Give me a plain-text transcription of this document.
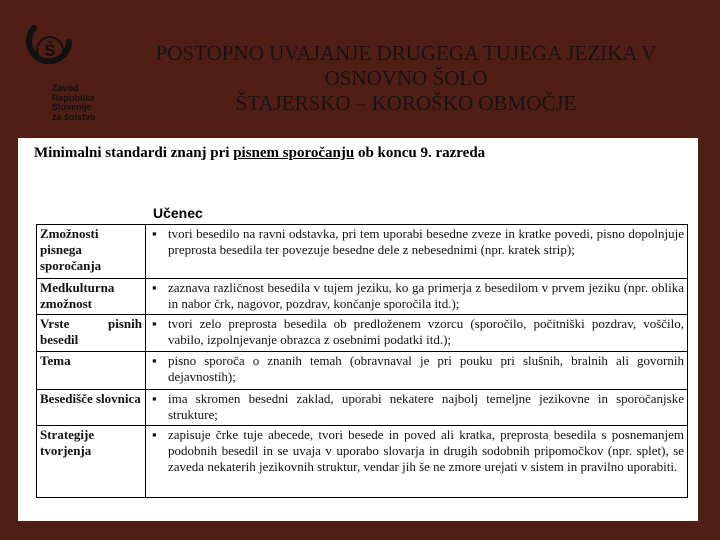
Š
Zavod
Republike
Slovenije
za šolstvo
POSTOPNO UVAJANJE DRUGEGA TUJEGA JEZIKA V
OSNOVNO ŠOLO
ŠTAJERSKO – KOROŠKO OBMOČJE
Minimalni standardi znanj pri pisnem sporočanju ob koncu 9. razreda
Učenec
Zmožnosti pisnega sporočanja	▪ tvori besedilo na ravni odstavka, pri tem uporabi besedne zveze in kratke povedi, pisno dopolnjuje preprosta besedila ter povezuje besedne dele z nebesednimi (npr. kratek strip);
Medkulturna zmožnost	▪ zaznava različnost besedila v tujem jeziku, ko ga primerja z besedilom v prvem jeziku (npr. oblika in nabor črk, nagovor, pozdrav, končanje sporočila itd.);
Vrste pisnih besedil	▪ tvori zelo preprosta besedila ob predloženem vzorcu (sporočilo, počitniški pozdrav, voščilo, vabilo, izpolnjevanje obrazca z osebnimi podatki itd.);
Tema	▪ pisno sporoča o znanih temah (obravnaval je pri pouku pri slušnih, bralnih ali govornih dejavnostih);
Besedišče slovnica	▪ ima skromen besedni zaklad, uporabi nekatere najbolj temeljne jezikovne in sporočanjske strukture;
Strategije tvorjenja	▪ zapisuje črke tuje abecede, tvori besede in poved ali kratka, preprosta besedila s posnemanjem podobnih besedil in se uvaja v uporabo slovarja in drugih sodobnih pripomočkov (npr. splet), se zaveda nekaterih jezikovnih struktur, vendar jih še ne zmore urejati v sistem in pravilno uporabiti.
